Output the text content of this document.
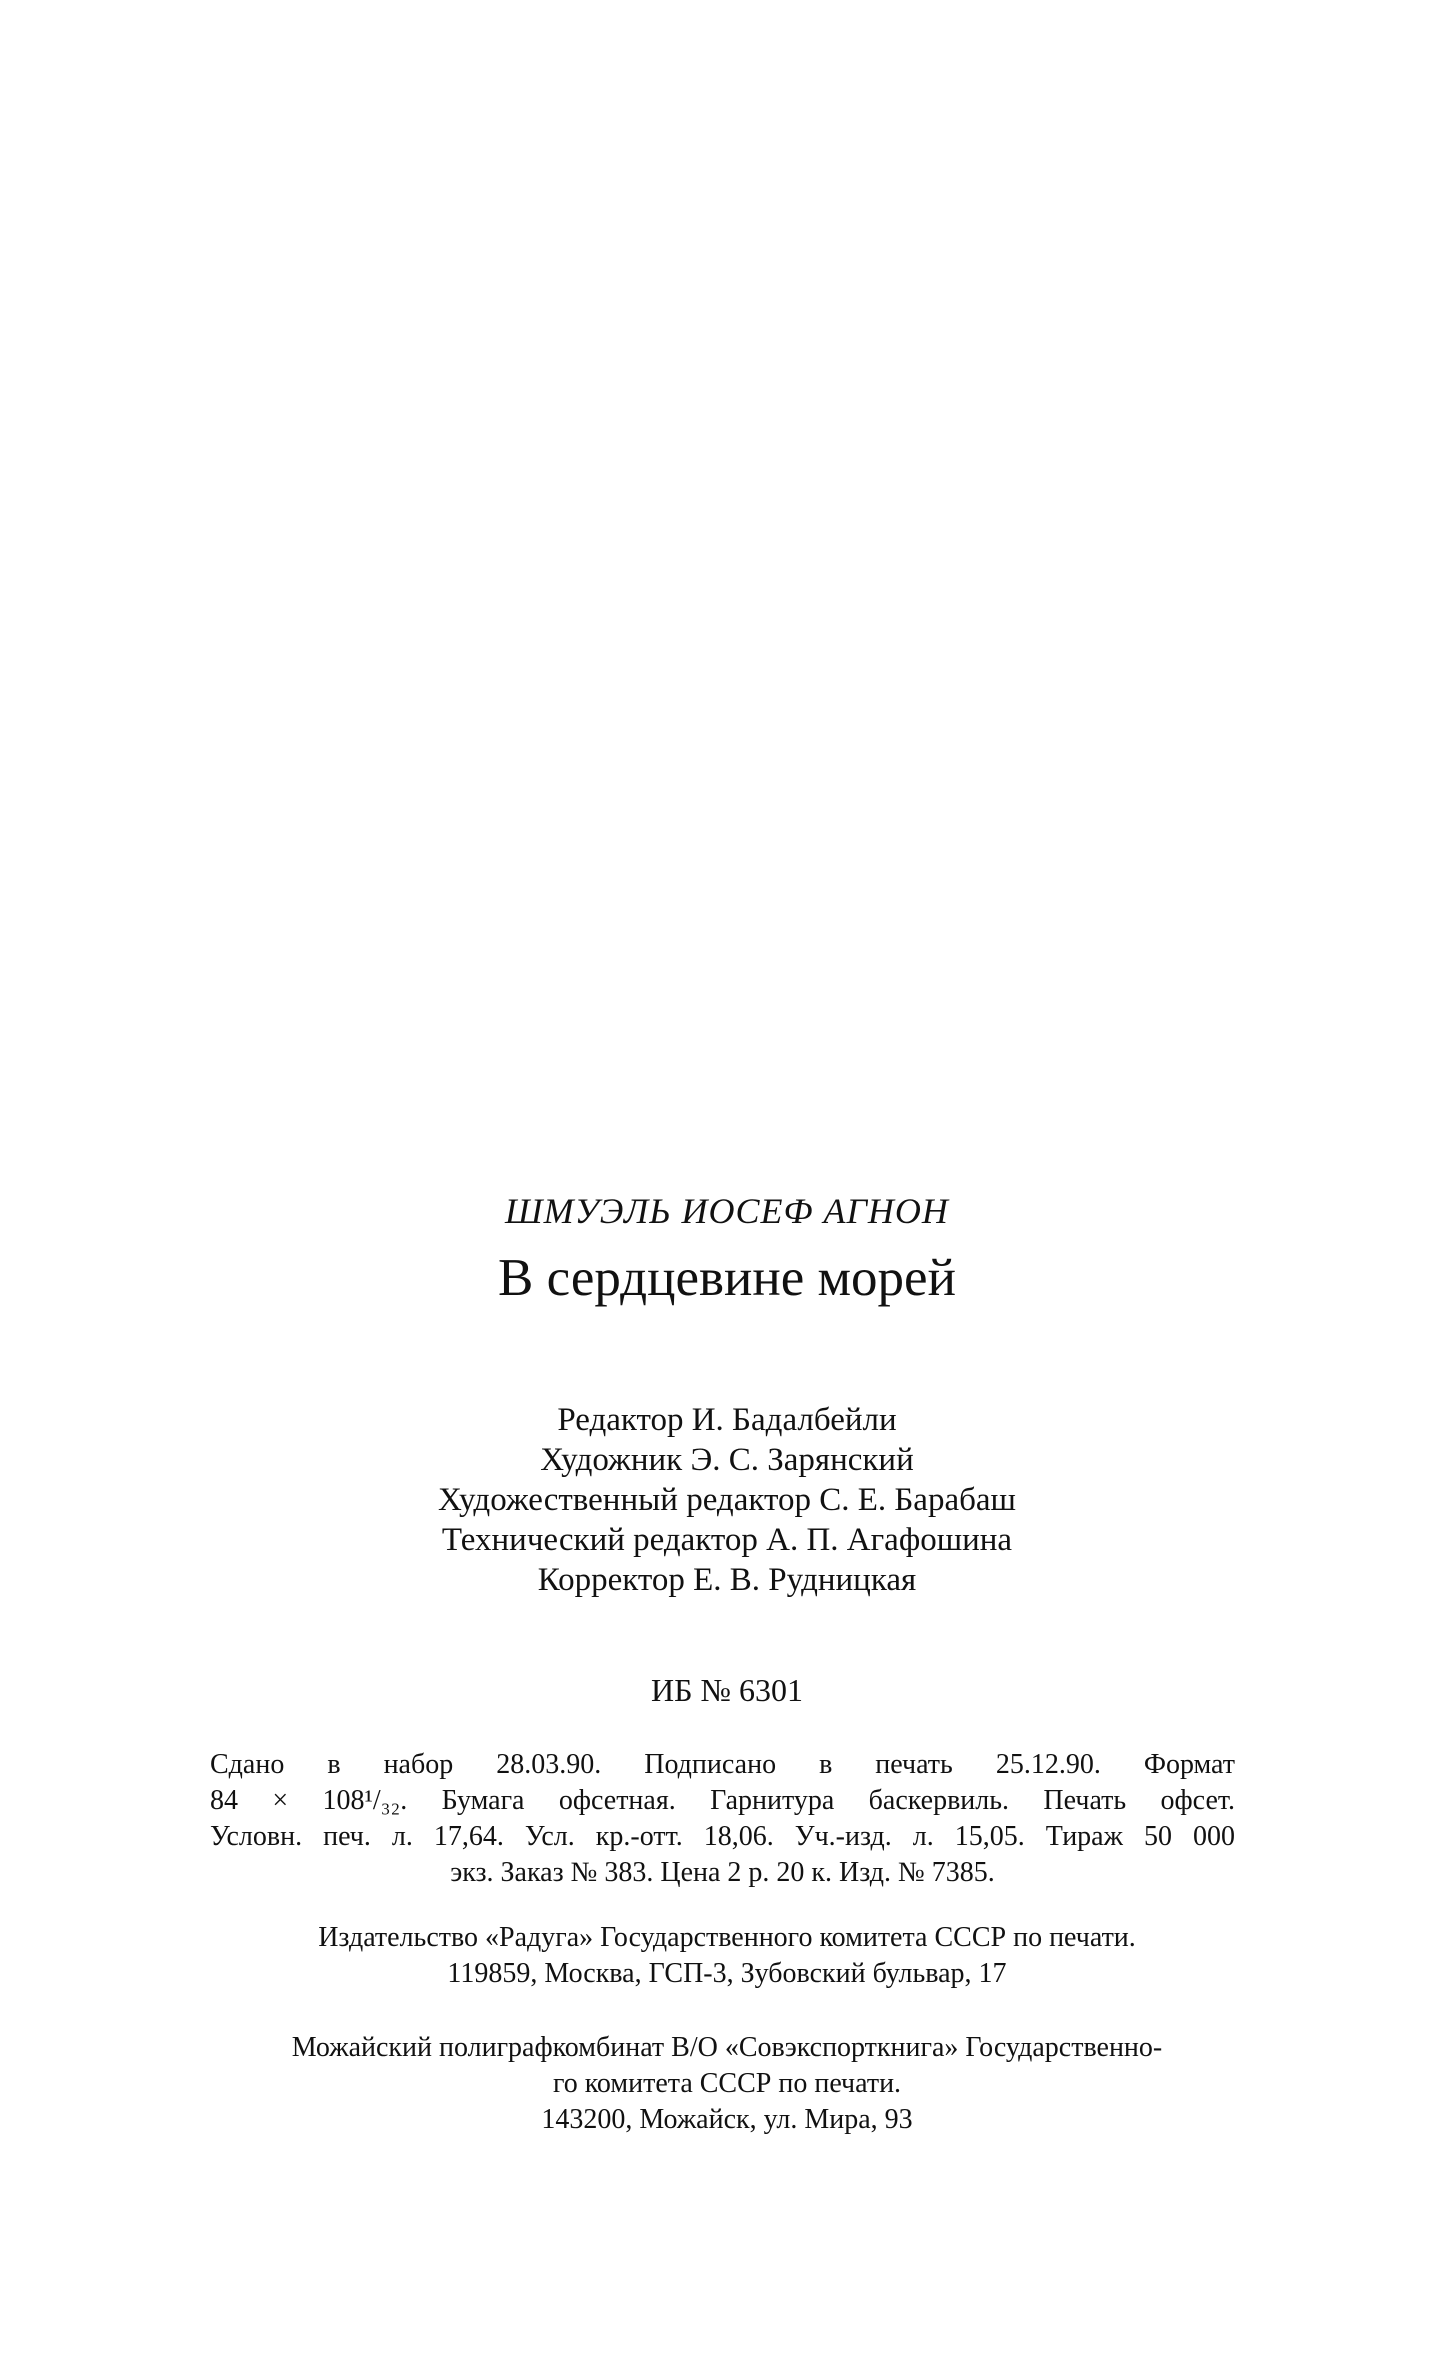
ШМУЭЛЬ ИОСЕФ АГНОН
В сердцевине морей
Редактор И. Бадалбейли
Художник Э. С. Зарянский
Художественный редактор С. Е. Барабаш
Технический редактор А. П. Агафошина
Корректор Е. В. Рудницкая
ИБ № 6301
Сдано в набор 28.03.90. Подписано в печать 25.12.90. Формат
84 × 108¹/₃₂. Бумага офсетная. Гарнитура баскервиль. Печать офсет.
Условн. печ. л. 17,64. Усл. кр.-отт. 18,06. Уч.-изд. л. 15,05. Тираж 50 000
экз. Заказ № 383. Цена 2 р. 20 к. Изд. № 7385.
Издательство «Радуга» Государственного комитета СССР по печати.
119859, Москва, ГСП-3, Зубовский бульвар, 17
Можайский полиграфкомбинат В/О «Совэкспорткнига» Государственно-
го комитета СССР по печати.
143200, Можайск, ул. Мира, 93
